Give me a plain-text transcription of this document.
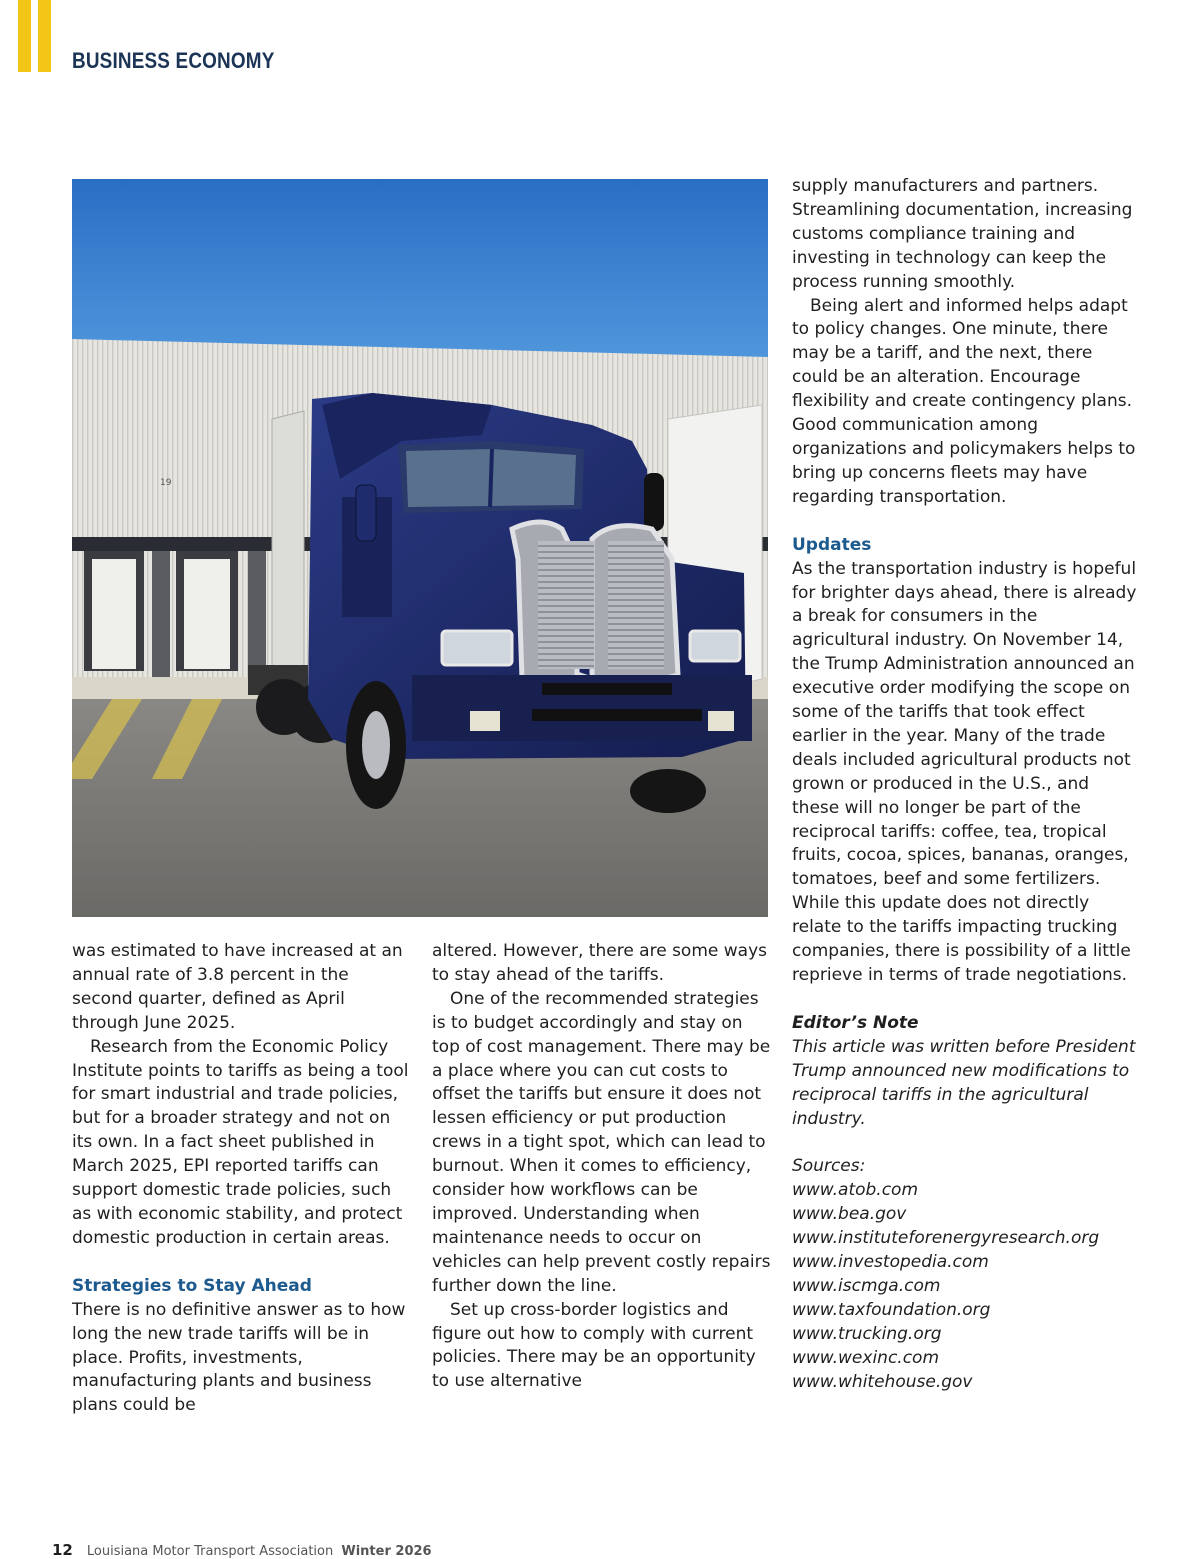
BUSINESS ECONOMY
19

was estimated to have increased at an annual rate of 3.8 percent in the second quarter, defined as April through June 2025.

Research from the Economic Policy Institute points to tariffs as being a tool for smart industrial and trade policies, but for a broader strategy and not on its own. In a fact sheet published in March 2025, EPI reported tariffs can support domestic trade policies, such as with economic stability, and protect domestic production in certain areas.

Strategies to Stay Ahead

There is no definitive answer as to how long the new trade tariffs will be in place. Profits, investments, manufacturing plants and business plans could be

altered. However, there are some ways to stay ahead of the tariffs.

One of the recommended strategies is to budget accordingly and stay on top of cost management. There may be a place where you can cut costs to offset the tariffs but ensure it does not lessen efficiency or put production crews in a tight spot, which can lead to burnout. When it comes to efficiency, consider how workflows can be improved. Understanding when maintenance needs to occur on vehicles can help prevent costly repairs further down the line.

Set up cross-border logistics and figure out how to comply with current policies. There may be an opportunity to use alternative

supply manufacturers and partners. Streamlining documentation, increasing customs compliance training and investing in technology can keep the process running smoothly.

Being alert and informed helps adapt to policy changes. One minute, there may be a tariff, and the next, there could be an alteration. Encourage flexibility and create contingency plans. Good communication among organizations and policymakers helps to bring up concerns fleets may have regarding transportation.

Updates

As the transportation industry is hopeful for brighter days ahead, there is already a break for consumers in the agricultural industry. On November 14, the Trump Administration announced an executive order modifying the scope on some of the tariffs that took effect earlier in the year. Many of the trade deals included agricultural products not grown or produced in the U.S., and these will no longer be part of the reciprocal tariffs: coffee, tea, tropical fruits, cocoa, spices, bananas, oranges, tomatoes, beef and some fertilizers. While this update does not directly relate to the tariffs impacting trucking companies, there is possibility of a little reprieve in terms of trade negotiations.

Editor’s Note

This article was written before President Trump announced new modifications to reciprocal tariffs in the agricultural industry.

Sources:

www.atob.com

www.bea.gov

www.instituteforenergyresearch.org

www.investopedia.com

www.iscmga.com

www.taxfoundation.org

www.trucking.org

www.wexinc.com

www.whitehouse.gov

12 Louisiana Motor Transport Association Winter 2026
